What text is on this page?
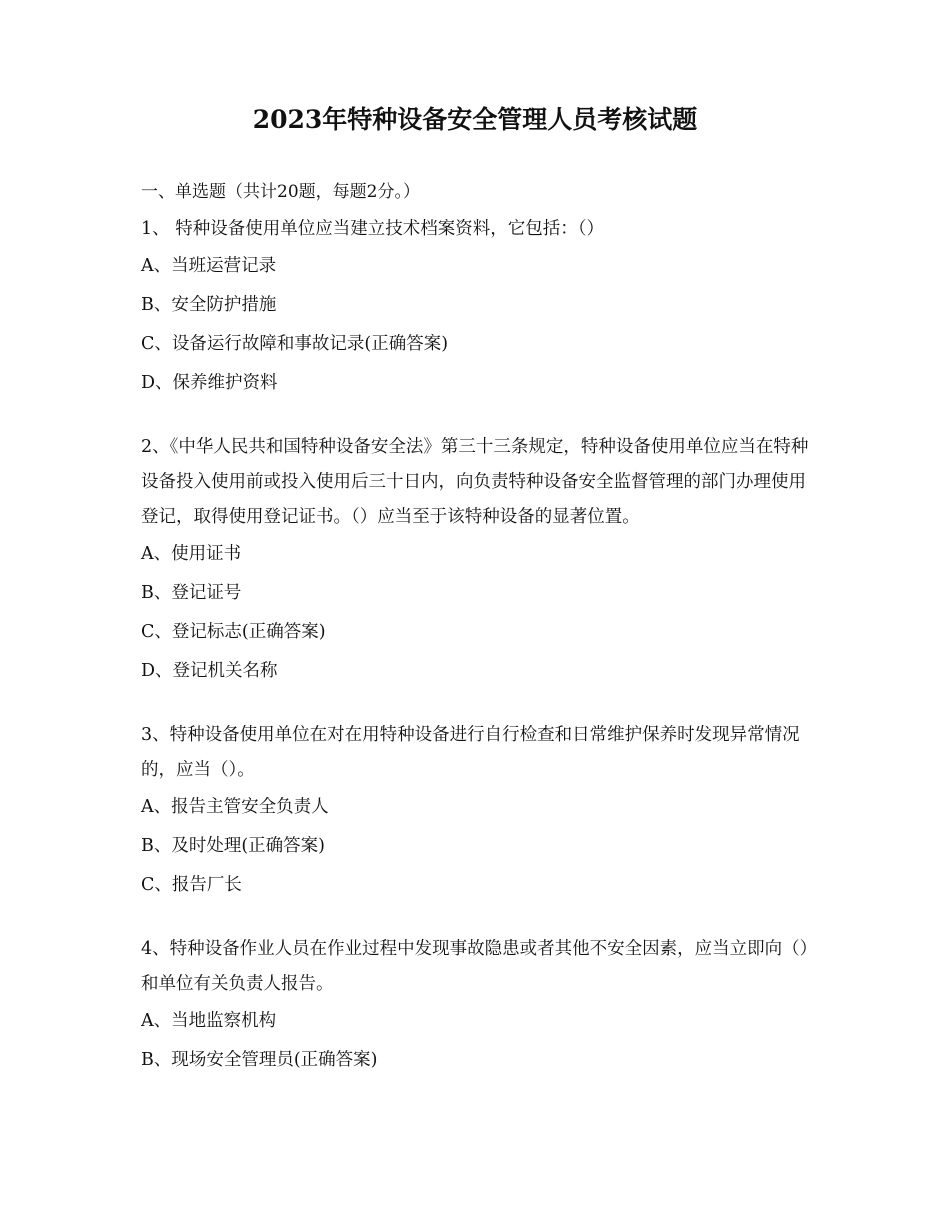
2023年特种设备安全管理人员考核试题
一、单选题（共计20题，每题2分。）
1、 特种设备使用单位应当建立技术档案资料，它包括：（）
A、当班运营记录
B、安全防护措施
C、设备运行故障和事故记录(正确答案)
D、保养维护资料
2、《中华人民共和国特种设备安全法》第三十三条规定，特种设备使用单位应当在特种设备投入使用前或投入使用后三十日内，向负责特种设备安全监督管理的部门办理使用登记，取得使用登记证书。（）应当至于该特种设备的显著位置。
A、使用证书
B、登记证号
C、登记标志(正确答案)
D、登记机关名称
3、特种设备使用单位在对在用特种设备进行自行检查和日常维护保养时发现异常情况的，应当（）。
A、报告主管安全负责人
B、及时处理(正确答案)
C、报告厂长
4、特种设备作业人员在作业过程中发现事故隐患或者其他不安全因素，应当立即向（）和单位有关负责人报告。
A、当地监察机构
B、现场安全管理员(正确答案)
